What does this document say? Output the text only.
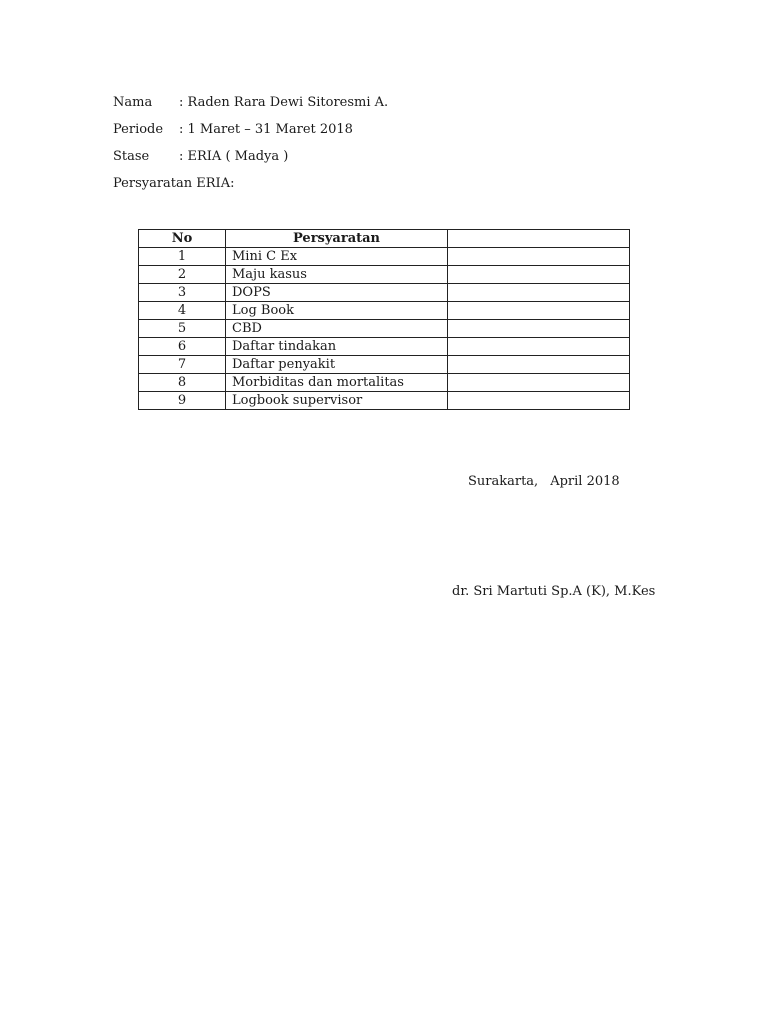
Nama : Raden Rara Dewi Sitoresmi A.
Periode : 1 Maret – 31 Maret 2018
Stase : ERIA ( Madya )
Persyaratan ERIA:
No	Persyaratan	
1	Mini C Ex	
2	Maju kasus	
3	DOPS	
4	Log Book	
5	CBD	
6	Daftar tindakan	
7	Daftar penyakit	
8	Morbiditas dan mortalitas	
9	Logbook supervisor	
Surakarta, April 2018
dr. Sri Martuti Sp.A (K), M.Kes
